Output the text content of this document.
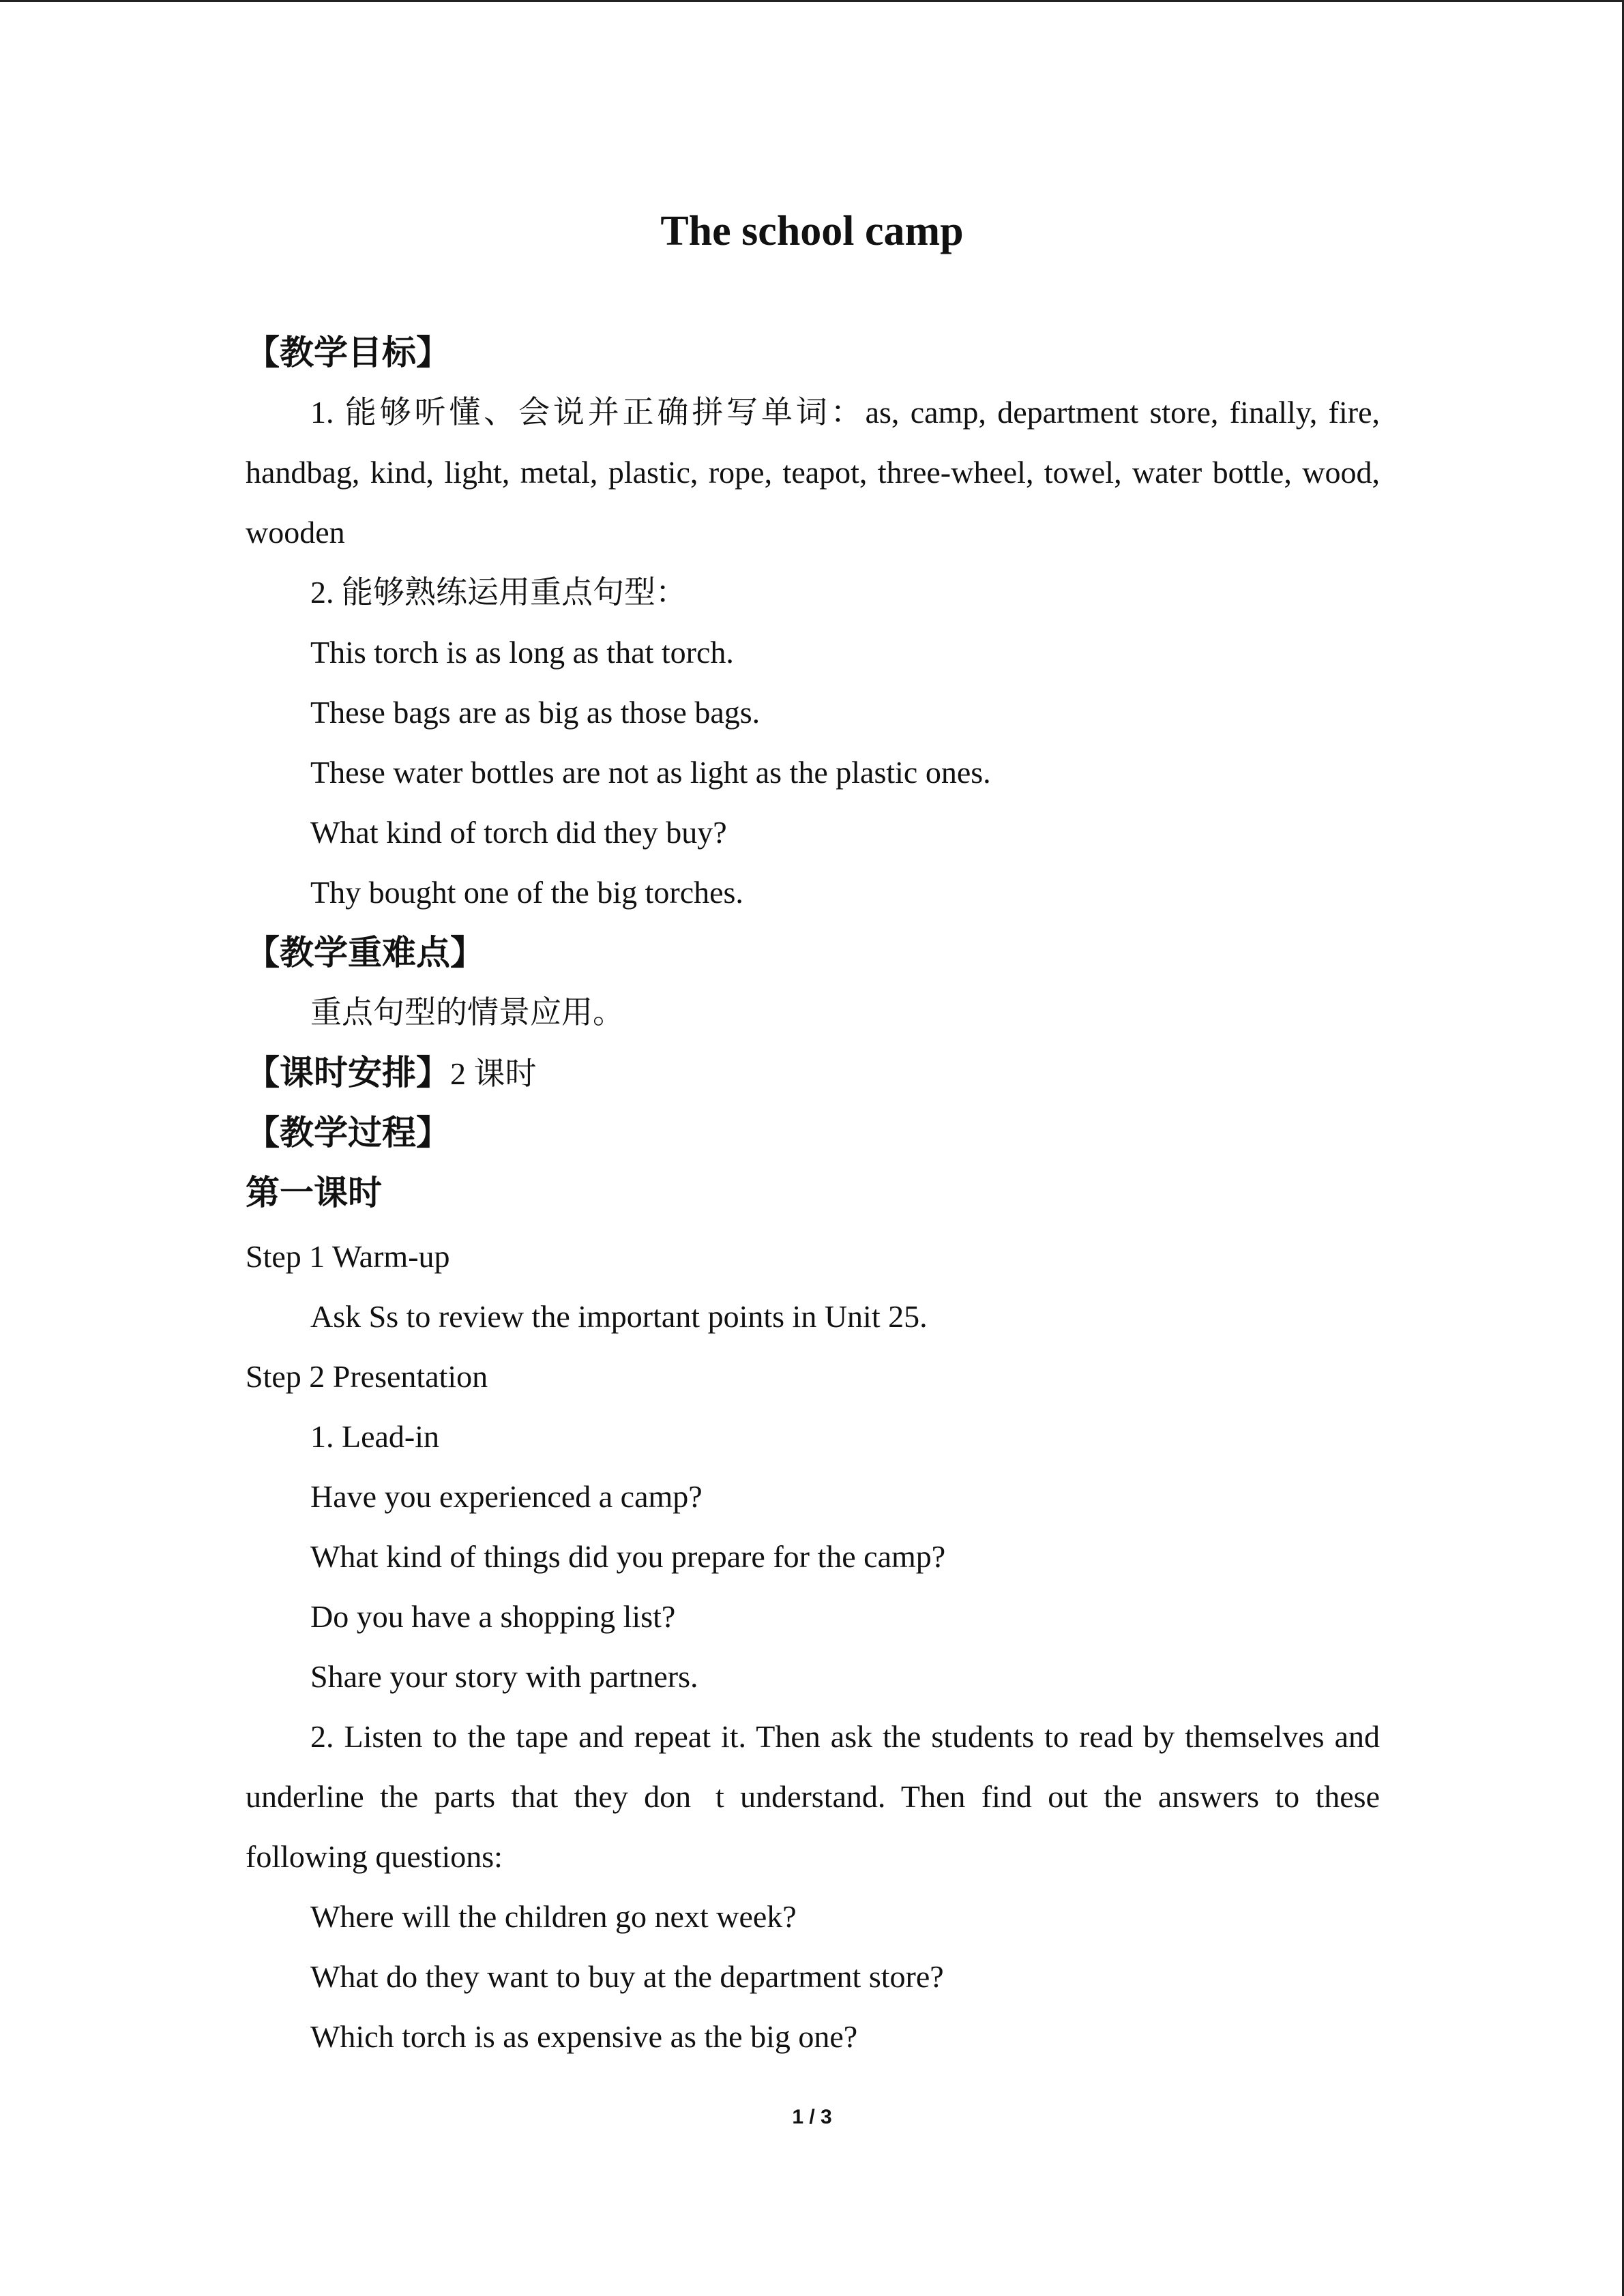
The school camp
【教学目标】
1. 能够听懂、会说并正确拼写单词：as, camp, department store, finally, fire,
handbag, kind, light, metal, plastic, rope, teapot, three-wheel, towel, water bottle, wood,
wooden
2. 能够熟练运用重点句型：
This torch is as long as that torch.
These bags are as big as those bags.
These water bottles are not as light as the plastic ones.
What kind of torch did they buy?
Thy bought one of the big torches.
【教学重难点】
重点句型的情景应用。
【课时安排】2 课时
【教学过程】
第一课时
Step 1 Warm-up
Ask Ss to review the important points in Unit 25.
Step 2 Presentation
1. Lead-in
Have you experienced a camp?
What kind of things did you prepare for the camp?
Do you have a shopping list?
Share your story with partners.
2. Listen to the tape and repeat it. Then ask the students to read by themselves and
underline the parts that they don t understand. Then find out the answers to these
following questions:
Where will the children go next week?
What do they want to buy at the department store?
Which torch is as expensive as the big one?
1 / 3
